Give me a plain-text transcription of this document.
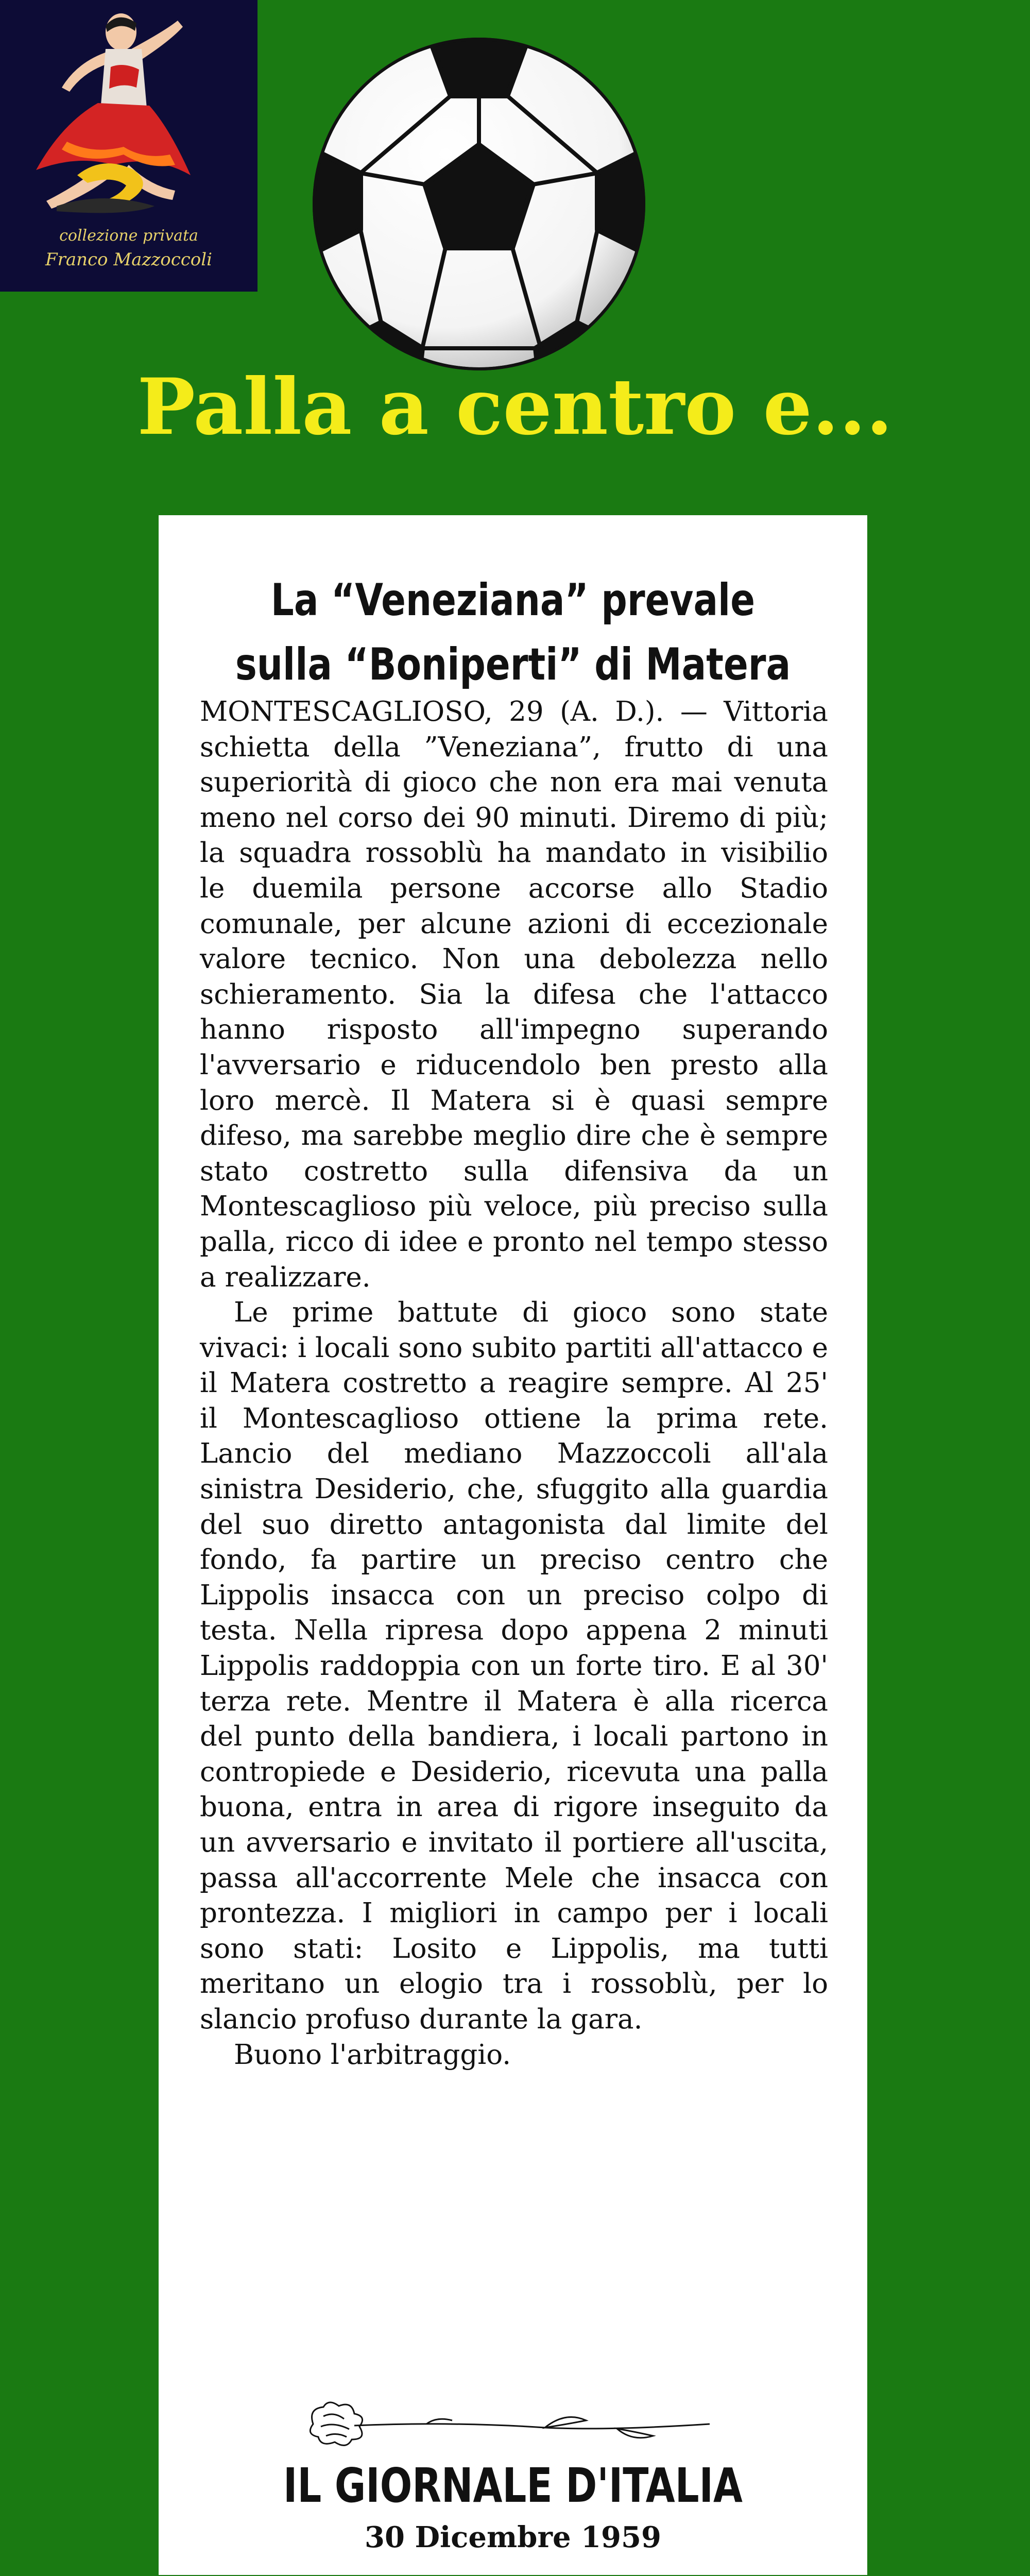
collezione privata
Franco Mazzoccoli
Palla a centro e...
La “Veneziana” prevale
sulla “Boniperti” di Matera

MONTESCAGLIOSO, 29 (A. D.). — Vittoria schietta della ”Veneziana”, frutto di una superiorità di gioco che non era mai venuta meno nel corso dei 90 minuti. Diremo di più; la squadra rossoblù ha mandato in visibilio le duemila persone accorse allo Stadio comunale, per alcune azioni di eccezionale valore tecnico. Non una debolezza nello schieramento. Sia la difesa che l'attacco hanno risposto all'impegno superando l'avversario e riducendolo ben presto alla loro mercè. Il Matera si è quasi sempre difeso, ma sarebbe meglio dire che è sempre stato costretto sulla difensiva da un Montescaglioso più veloce, più preciso sulla palla, ricco di idee e pronto nel tempo stesso a realizzare.

Le prime battute di gioco sono state vivaci: i locali sono subito partiti all'attacco e il Matera costretto a reagire sempre. Al 25' il Montescaglioso ottiene la prima rete. Lancio del mediano Mazzoccoli all'ala sinistra Desiderio, che, sfuggito alla guardia del suo diretto antagonista dal limite del fondo, fa partire un preciso centro che Lippolis insacca con un preciso colpo di testa. Nella ripresa dopo appena 2 minuti Lippolis raddoppia con un forte tiro. E al 30' terza rete. Mentre il Matera è alla ricerca del punto della bandiera, i locali partono in contropiede e Desiderio, ricevuta una palla buona, entra in area di rigore inseguito da un avversario e invitato il portiere all'uscita, passa all'accorrente Mele che insacca con prontezza. I migliori in campo per i locali sono stati: Losito e Lippolis, ma tutti meritano un elogio tra i rossoblù, per lo slancio profuso durante la gara.

Buono l'arbitraggio.

IL GIORNALE D'ITALIA
30 Dicembre 1959
